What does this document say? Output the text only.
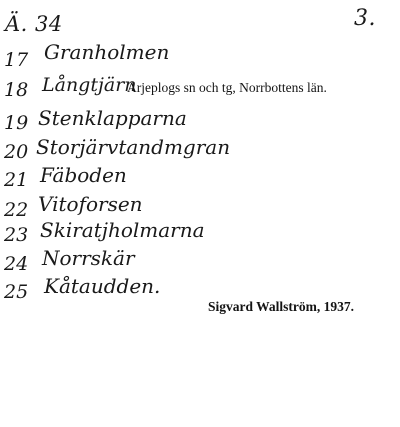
Ä. 34	3.
17 Granholmen
18 Långtjärn
Arjeplogs sn och tg, Norrbottens län.
19 Stenklapparna
20 Storjärvtandmgran
21 Fäboden
22 Vitoforsen
23 Skiratjholmarna
24 Norrskär
25 Kåtaudden.
Sigvard Wallström, 1937.
